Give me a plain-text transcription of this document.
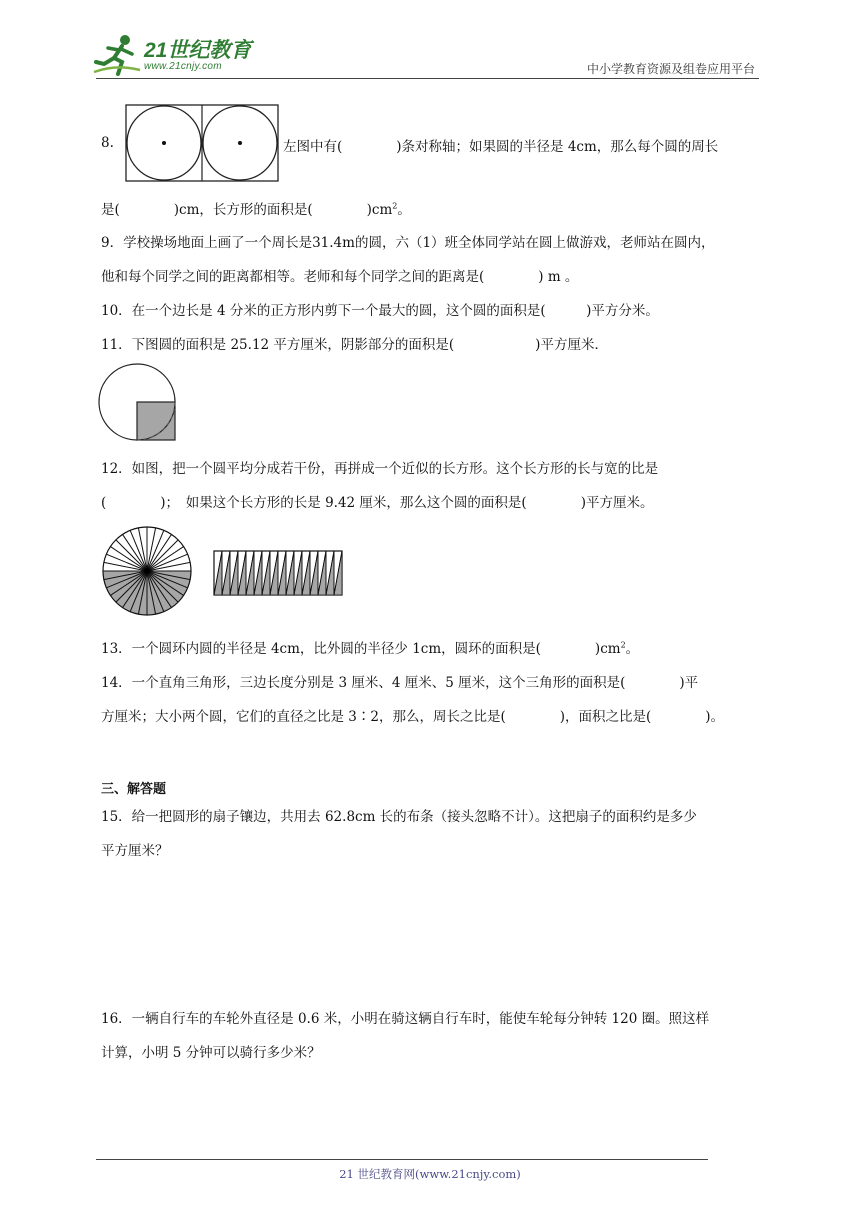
21世纪教育
www.21cnjy.com	中小学教育资源及组卷应用平台
8.	左图中有(　　　　)条对称轴；如果圆的半径是 4cm，那么每个圆的周长
是(　　　　)cm，长方形的面积是(　　　　)$cm^2$。
9．学校操场地面上画了一个周长是31.4m的圆，六（1）班全体同学站在圆上做游戏，老师站在圆内，
他和每个同学之间的距离都相等。老师和每个同学之间的距离是(　　　　) m 。
10．在一个边长是 4 分米的正方形内剪下一个最大的圆，这个圆的面积是(　　　)平方分米。
11．下图圆的面积是 25.12 平方厘米，阴影部分的面积是(　　　　　　)平方厘米．
12．如图，把一个圆平均分成若干份，再拼成一个近似的长方形。这个长方形的长与宽的比是
(　　　　)；　如果这个长方形的长是 9.42 厘米，那么这个圆的面积是(　　　　)平方厘米。
13．一个圆环内圆的半径是 4cm，比外圆的半径少 1cm，圆环的面积是(　　　　)$cm^2$。
14．一个直角三角形，三边长度分别是 3 厘米、4 厘米、5 厘米，这个三角形的面积是(　　　　)平
方厘米；大小两个圆，它们的直径之比是 3∶2，那么，周长之比是(　　　　)，面积之比是(　　　　)。
三、解答题
15．给一把圆形的扇子镶边，共用去 62.8cm 长的布条（接头忽略不计）。这把扇子的面积约是多少
平方厘米？
16．一辆自行车的车轮外直径是 0.6 米，小明在骑这辆自行车时，能使车轮每分钟转 120 圈。照这样
计算，小明 5 分钟可以骑行多少米？
21 世纪教育网(www.21cnjy.com)
